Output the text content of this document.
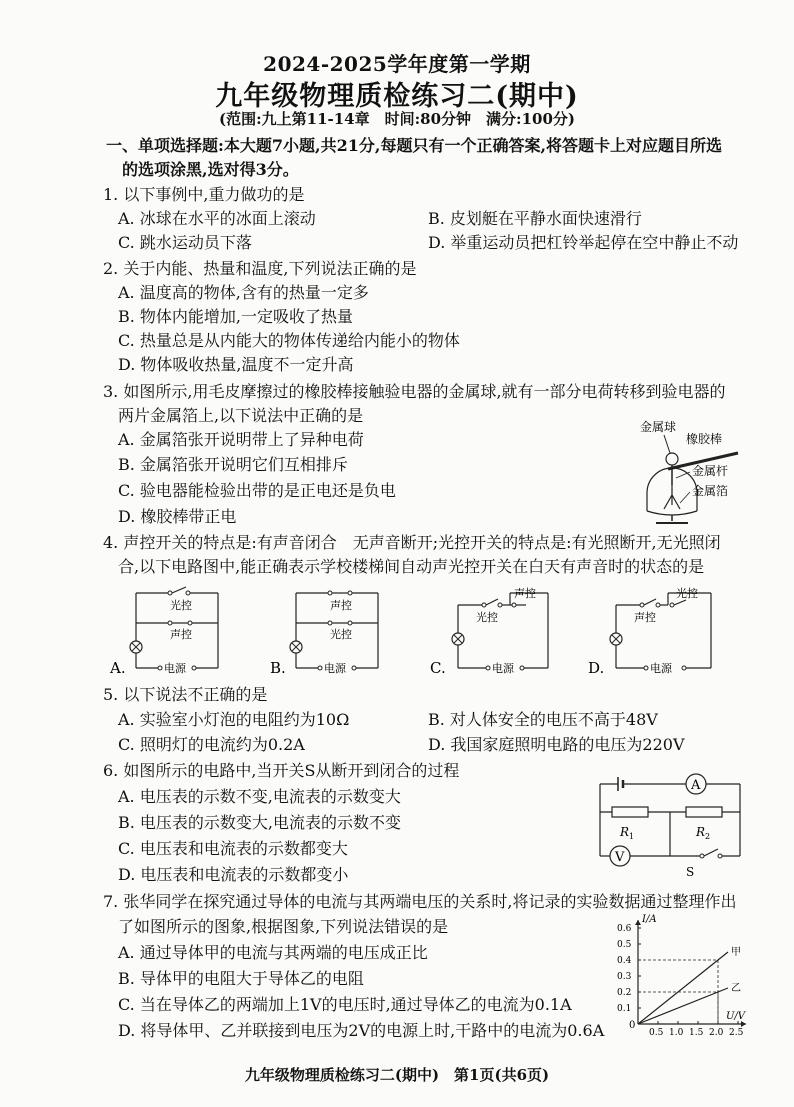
2024-2025学年度第一学期
九年级物理质检练习二(期中)
(范围:九上第11-14章　时间:80分钟　满分:100分)
一、单项选择题:本大题7小题,共21分,每题只有一个正确答案,将答题卡上对应题目所选
的选项涂黑,选对得3分。
1. 以下事例中,重力做功的是
A. 冰球在水平的冰面上滚动	B. 皮划艇在平静水面快速滑行
C. 跳水运动员下落	D. 举重运动员把杠铃举起停在空中静止不动
2. 关于内能、热量和温度,下列说法正确的是
A. 温度高的物体,含有的热量一定多
B. 物体内能增加,一定吸收了热量
C. 热量总是从内能大的物体传递给内能小的物体
D. 物体吸收热量,温度不一定升高
3. 如图所示,用毛皮摩擦过的橡胶棒接触验电器的金属球,就有一部分电荷转移到验电器的
两片金属箔上,以下说法中正确的是
A. 金属箔张开说明带上了异种电荷
B. 金属箔张开说明它们互相排斥
C. 验电器能检验出带的是正电还是负电
D. 橡胶棒带正电
金属球
橡胶棒
金属杆
金属箔
4. 声控开关的特点是:有声音闭合　无声音断开;光控开关的特点是:有光照断开,无光照闭
合,以下电路图中,能正确表示学校楼梯间自动声光控开关在白天有声音时的状态的是
A.
光控
声控
电源	B.
声控
光控
电源	C.
光控
声控
电源	D.
声控
光控
电源
5. 以下说法不正确的是
A. 实验室小灯泡的电阻约为10Ω	B. 对人体安全的电压不高于48V
C. 照明灯的电流约为0.2A	D. 我国家庭照明电路的电压为220V
6. 如图所示的电路中,当开关S从断开到闭合的过程
A. 电压表的示数不变,电流表的示数变大
B. 电压表的示数变大,电流表的示数不变
C. 电压表和电流表的示数都变大
D. 电压表和电流表的示数都变小
A
R 1	R 2
V
S
7. 张华同学在探究通过导体的电流与其两端电压的关系时,将记录的实验数据通过整理作出
了如图所示的图象,根据图象,下列说法错误的是
A. 通过导体甲的电流与其两端的电压成正比
B. 导体甲的电阻大于导体乙的电阻
C. 当在导体乙的两端加上1V的电压时,通过导体乙的电流为0.1A
D. 将导体甲、乙并联接到电压为2V的电源上时,干路中的电流为0.6A
I/A
U/V
0
0.1
0.2
0.3
0.4
0.5
0.6
0.5 1.0 1.5 2.0 2.5
甲
乙
九年级物理质检练习二(期中)　第1页(共6页)
